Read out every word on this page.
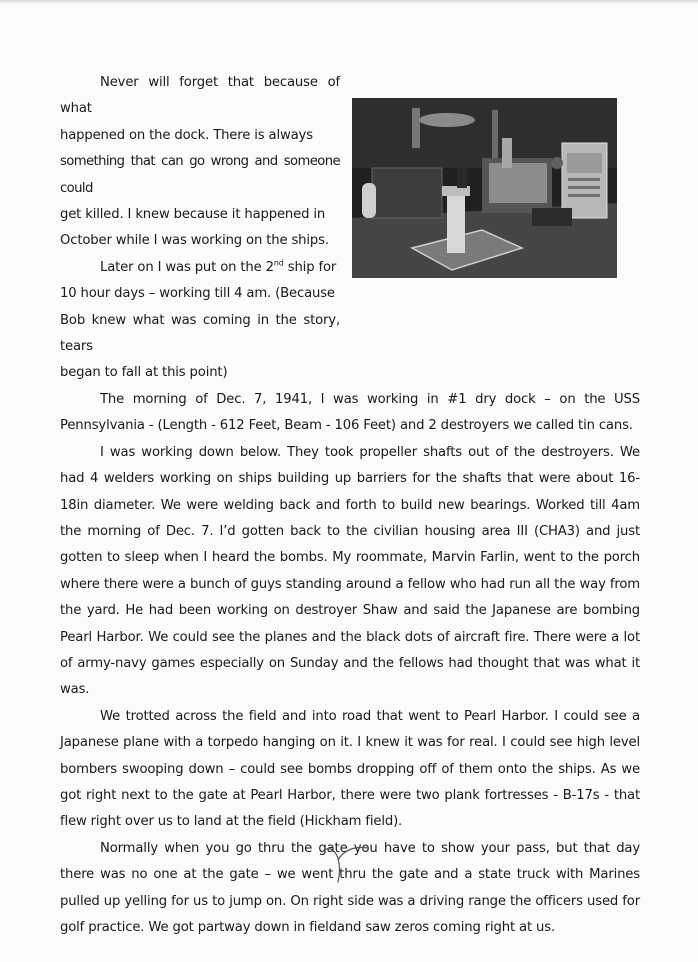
Never will forget that because of what

happened on the dock. There is always

something that can go wrong and someone could

get killed. I knew because it happened in

October while I was working on the ships.

Later on I was put on the 2nd ship for

10 hour days – working till 4 am. (Because

Bob knew what was coming in the story, tears

began to fall at this point)

The morning of Dec. 7, 1941, I was working in #1 dry dock – on the USS Pennsylvania - (Length - 612 Feet, Beam - 106 Feet) and 2 destroyers we called tin cans.

I was working down below. They took propeller shafts out of the destroyers. We had 4 welders working on ships building up barriers for the shafts that were about 16-18in diameter. We were welding back and forth to build new bearings. Worked till 4am the morning of Dec. 7. I’d gotten back to the civilian housing area III (CHA3) and just gotten to sleep when I heard the bombs. My roommate, Marvin Farlin, went to the porch where there were a bunch of guys standing around a fellow who had run all the way from the yard. He had been working on destroyer Shaw and said the Japanese are bombing Pearl Harbor. We could see the planes and the black dots of aircraft fire. There were a lot of army-navy games especially on Sunday and the fellows had thought that was what it was.

We trotted across the field and into road that went to Pearl Harbor. I could see a Japanese plane with a torpedo hanging on it. I knew it was for real. I could see high level bombers swooping down – could see bombs dropping off of them onto the ships. As we got right next to the gate at Pearl Harbor, there were two plank fortresses - B-17s - that flew right over us to land at the field (Hickham field).

Normally when you go thru the gate you have to show your pass, but that day there was no one at the gate – we went thru the gate and a state truck with Marines pulled up yelling for us to jump on. On right side was a driving range the officers used for golf practice. We got partway down in fieldand saw zeros coming right at us.
